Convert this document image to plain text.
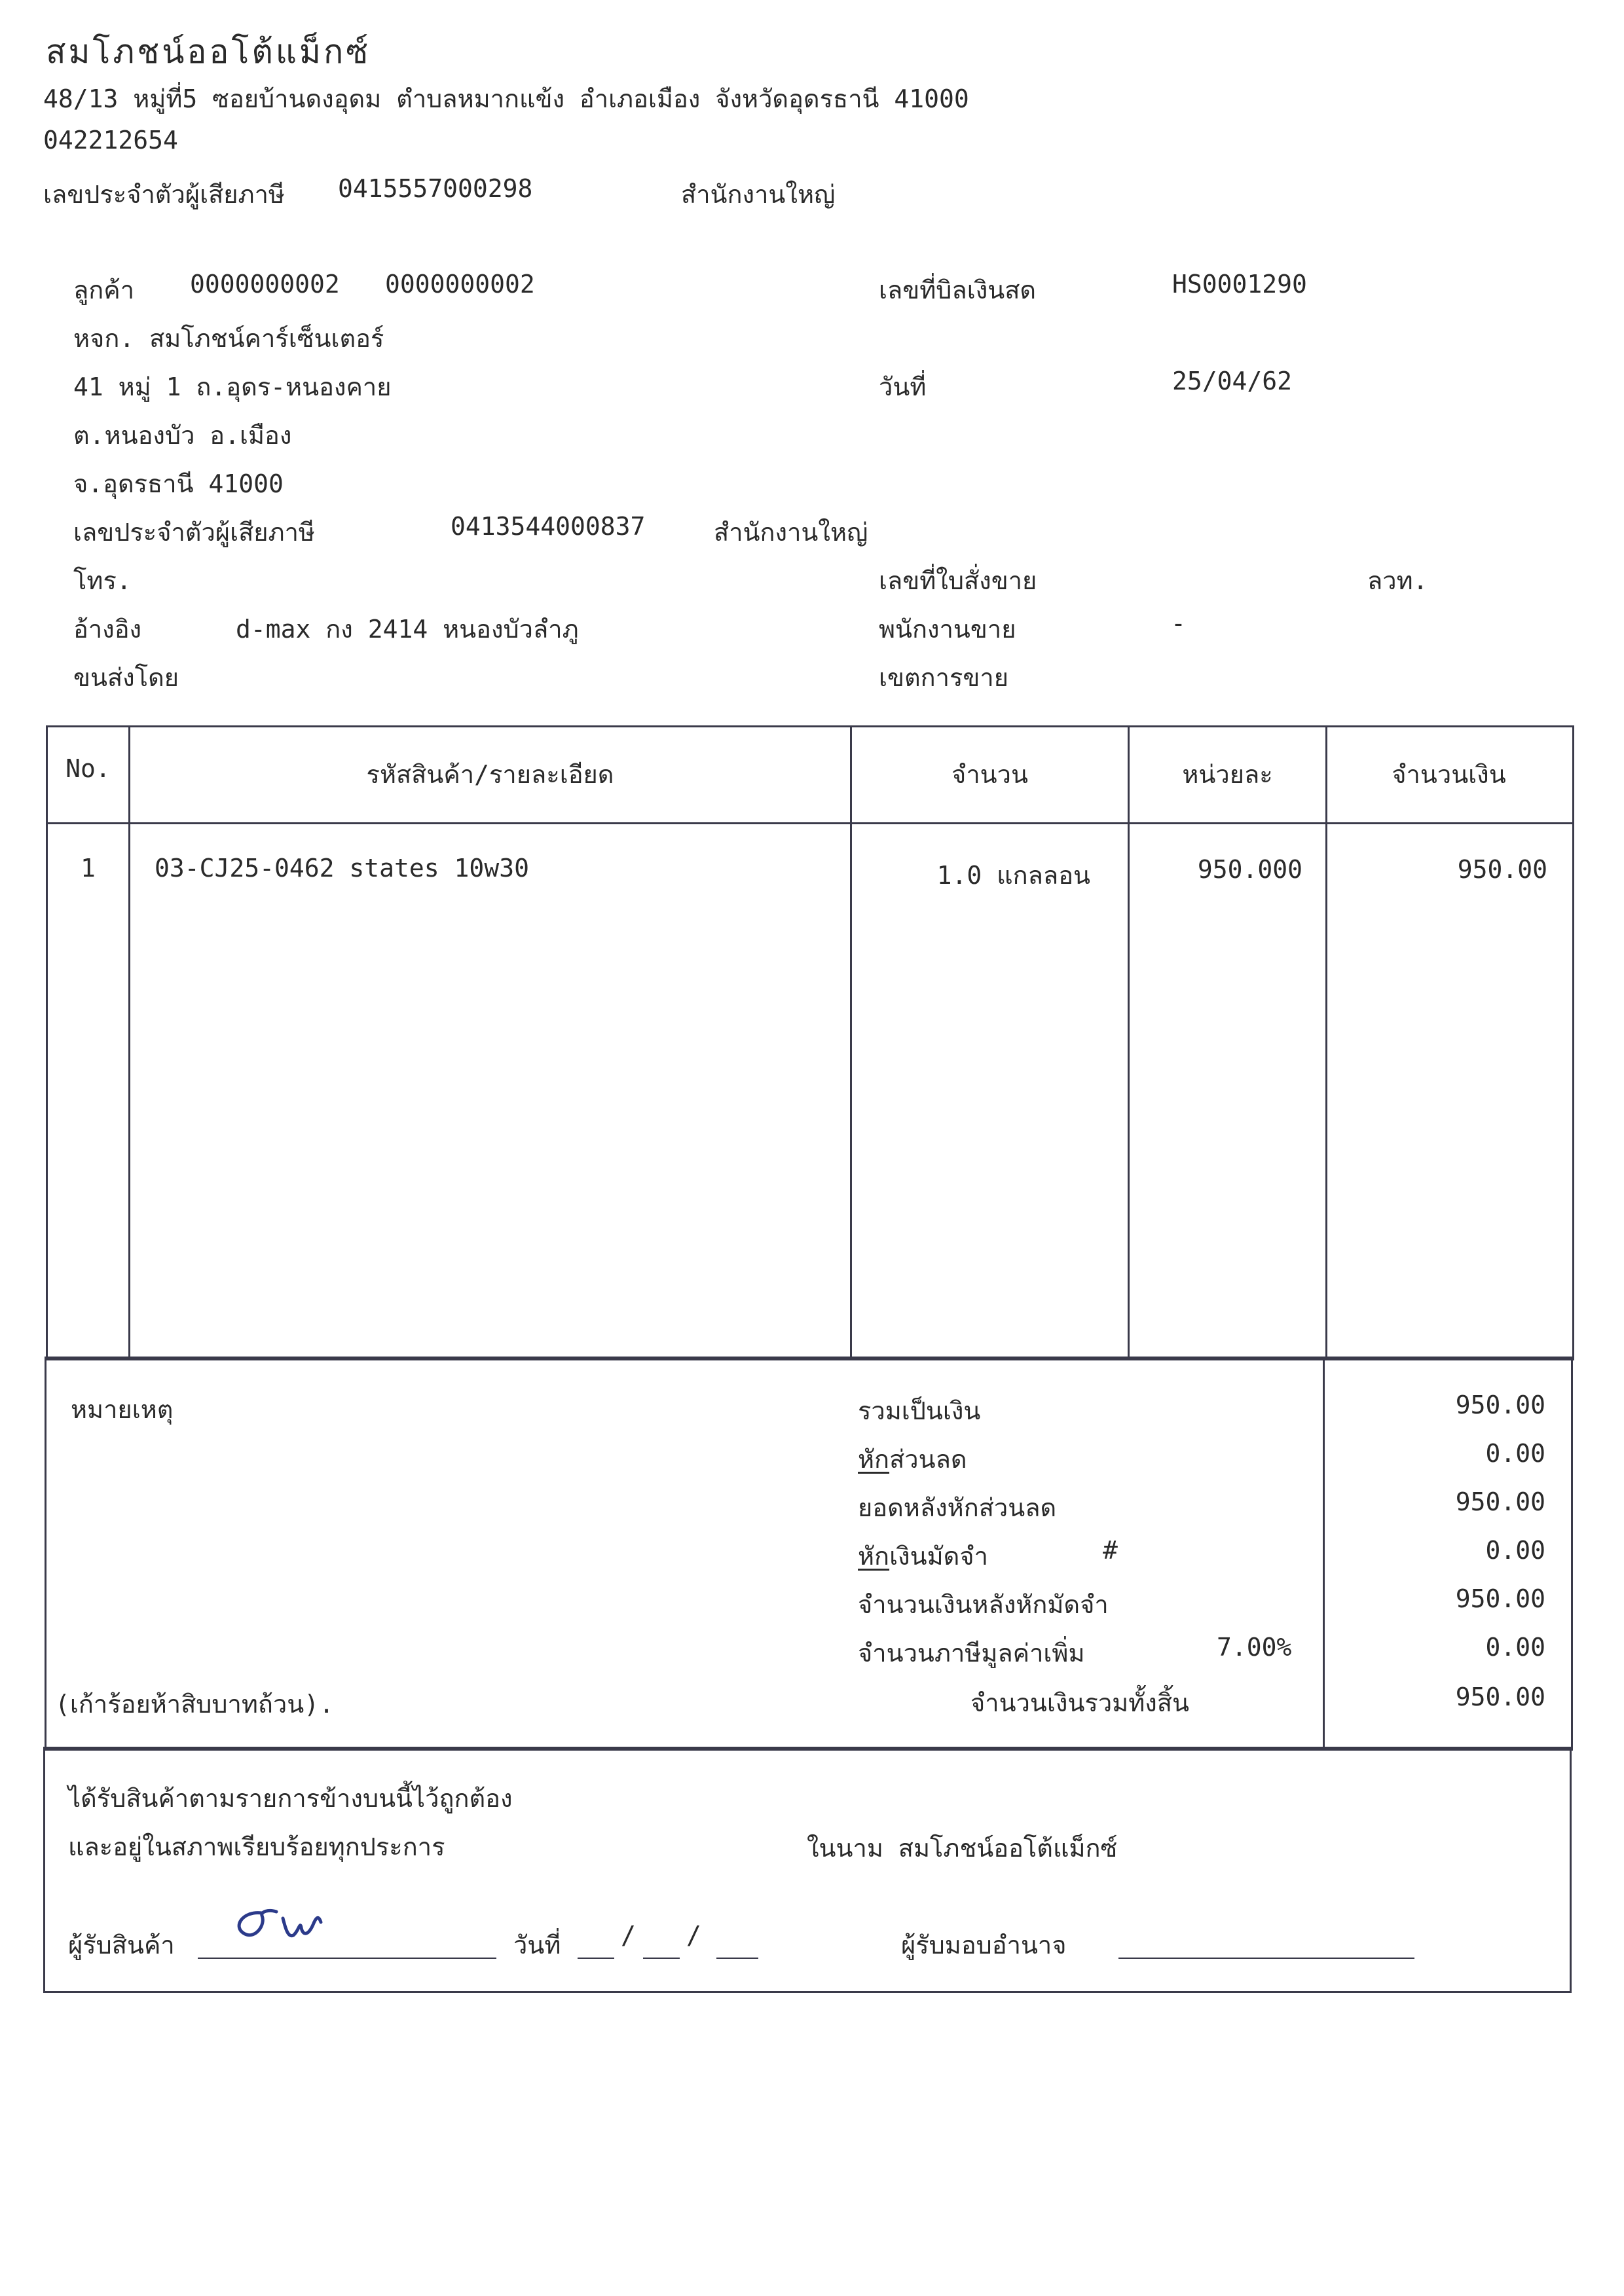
สมโภชน์ออโต้แม็กซ์
48/13 หมู่ที่5 ซอยบ้านดงอุดม ตำบลหมากแข้ง อำเภอเมือง จังหวัดอุดรธานี 41000
042212654
เลขประจำตัวผู้เสียภาษี 0415557000298	สำนักงานใหญ่
ลูกค้า 0000000002 0000000002
หจก. สมโภชน์คาร์เซ็นเตอร์
41 หมู่ 1 ถ.อุดร-หนองคาย
ต.หนองบัว อ.เมือง
จ.อุดรธานี 41000
เลขประจำตัวผู้เสียภาษี	0413544000837	สำนักงานใหญ่
โทร.
อ้างอิง	d-max กง 2414 หนองบัวลำภู
ขนส่งโดย
เลขที่บิลเงินสด	HS0001290
วันที่	25/04/62
เลขที่ใบสั่งขาย	ลวท.
พนักงานขาย	-
เขตการขาย
No.	รหัสสินค้า/รายละเอียด	จำนวน	หน่วยละ	จำนวนเงิน
1	03-CJ25-0462 states 10w30	1.0 แกลลอน	950.000	950.00
หมายเหตุ
(เก้าร้อยห้าสิบบาทถ้วน).
รวมเป็นเงิน	950.00
หักส่วนลด	0.00
ยอดหลังหักส่วนลด	950.00
หักเงินมัดจำ	#	0.00
จำนวนเงินหลังหักมัดจำ	950.00
จำนวนภาษีมูลค่าเพิ่ม	7.00%	0.00
จำนวนเงินรวมทั้งสิ้น	950.00
ได้รับสินค้าตามรายการข้างบนนี้ไว้ถูกต้อง
และอยู่ในสภาพเรียบร้อยทุกประการ	ในนาม สมโภชน์ออโต้แม็กซ์
ผู้รับสินค้า	วันที่ / /	ผู้รับมอบอำนาจ
